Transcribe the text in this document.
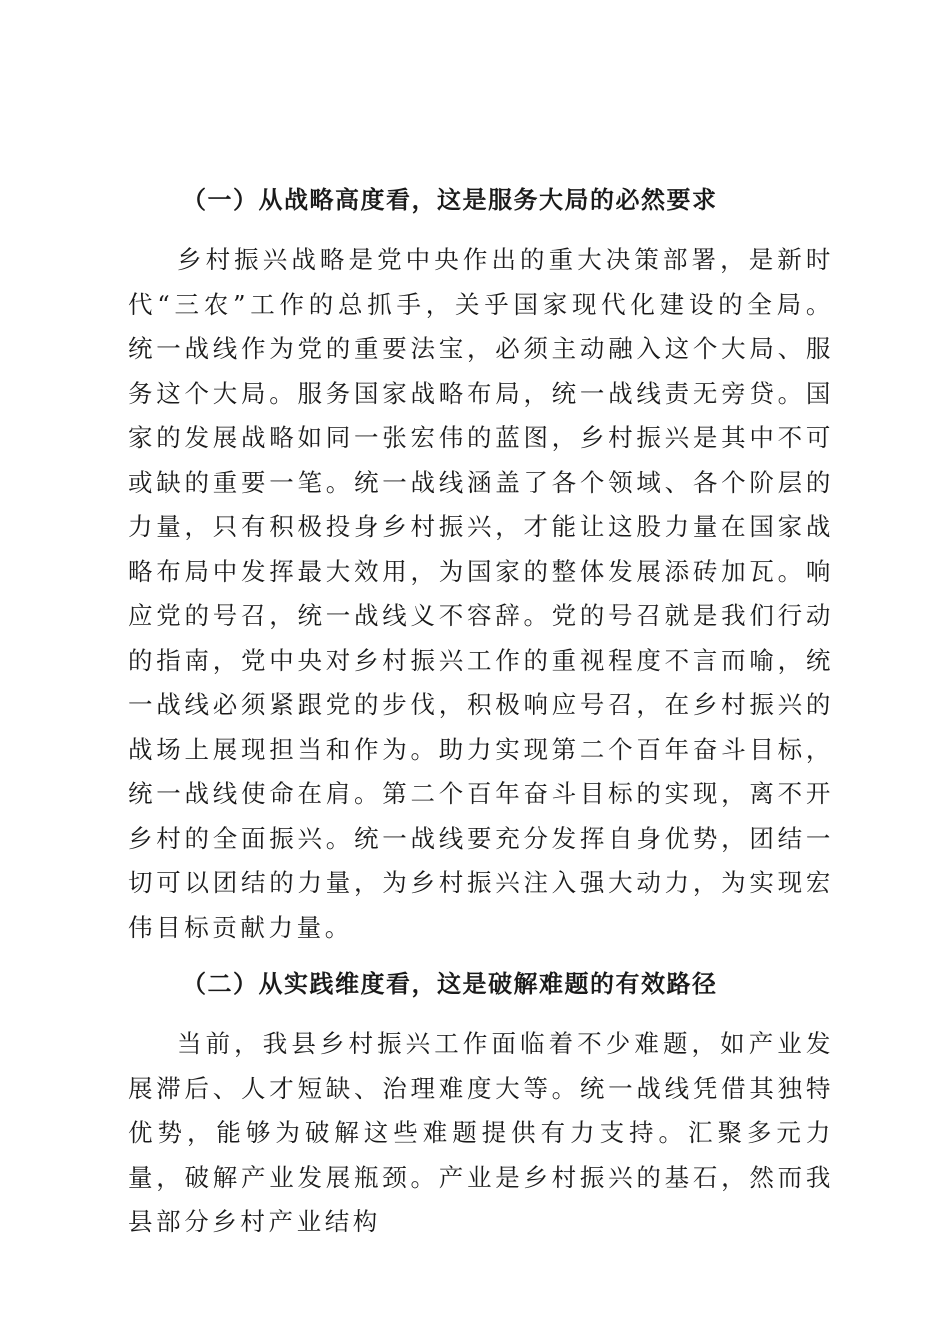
（一）从战略高度看，这是服务大局的必然要求

乡村振兴战略是党中央作出的重大决策部署，是新时代“三农”工作的总抓手，关乎国家现代化建设的全局。统一战线作为党的重要法宝，必须主动融入这个大局、服务这个大局。服务国家战略布局，统一战线责无旁贷。国家的发展战略如同一张宏伟的蓝图，乡村振兴是其中不可或缺的重要一笔。统一战线涵盖了各个领域、各个阶层的力量，只有积极投身乡村振兴，才能让这股力量在国家战略布局中发挥最大效用，为国家的整体发展添砖加瓦。响应党的号召，统一战线义不容辞。党的号召就是我们行动的指南，党中央对乡村振兴工作的重视程度不言而喻，统一战线必须紧跟党的步伐，积极响应号召，在乡村振兴的战场上展现担当和作为。助力实现第二个百年奋斗目标，统一战线使命在肩。第二个百年奋斗目标的实现，离不开乡村的全面振兴。统一战线要充分发挥自身优势，团结一切可以团结的力量，为乡村振兴注入强大动力，为实现宏伟目标贡献力量。

（二）从实践维度看，这是破解难题的有效路径

当前，我县乡村振兴工作面临着不少难题，如产业发展滞后、人才短缺、治理难度大等。统一战线凭借其独特优势，能够为破解这些难题提供有力支持。汇聚多元力量，破解产业发展瓶颈。产业是乡村振兴的基石，然而我县部分乡村产业结构
